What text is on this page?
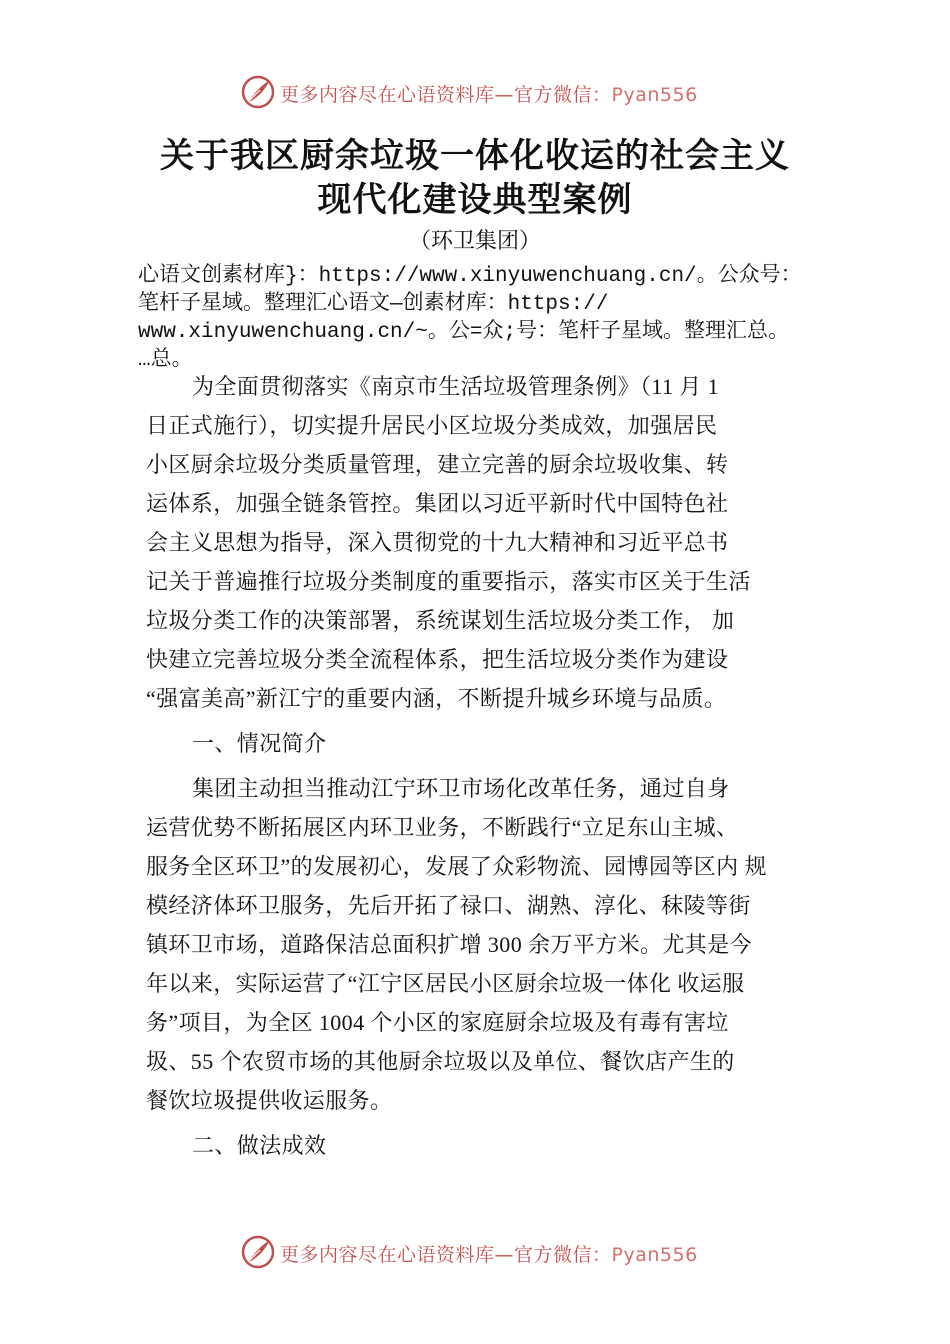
更多内容尽在心语资料库—官方微信：Pyan556
关于我区厨余垃圾一体化收运的社会主义
现代化建设典型案例
（环卫集团）
心语文创素材库}：https://www.xinyuwenchuang.cn/。公众号：
笔杆子星域。整理汇心语文—创素材库：https://
www.xinyuwenchuang.cn/~。公=众;号：笔杆子星域。整理汇总。
…总。
为全面贯彻落实《南京市生活垃圾管理条例》（11 月 1
日正式施行），切实提升居民小区垃圾分类成效，加强居民
小区厨余垃圾分类质量管理，建立完善的厨余垃圾收集、转
运体系，加强全链条管控。集团以习近平新时代中国特色社
会主义思想为指导，深入贯彻党的十九大精神和习近平总书
记关于普遍推行垃圾分类制度的重要指示，落实市区关于生活
垃圾分类工作的决策部署，系统谋划生活垃圾分类工作， 加
快建立完善垃圾分类全流程体系，把生活垃圾分类作为建设
“强富美高”新江宁的重要内涵，不断提升城乡环境与品质。
一、情况简介
集团主动担当推动江宁环卫市场化改革任务，通过自身
运营优势不断拓展区内环卫业务，不断践行“立足东山主城、
服务全区环卫”的发展初心，发展了众彩物流、园博园等区内 规
模经济体环卫服务，先后开拓了禄口、湖熟、淳化、秣陵等街
镇环卫市场，道路保洁总面积扩增 300 余万平方米。尤其是今
年以来，实际运营了“江宁区居民小区厨余垃圾一体化 收运服
务”项目，为全区 1004 个小区的家庭厨余垃圾及有毒有害垃
圾、55 个农贸市场的其他厨余垃圾以及单位、餐饮店产生的
餐饮垃圾提供收运服务。
二、做法成效
更多内容尽在心语资料库—官方微信：Pyan556
